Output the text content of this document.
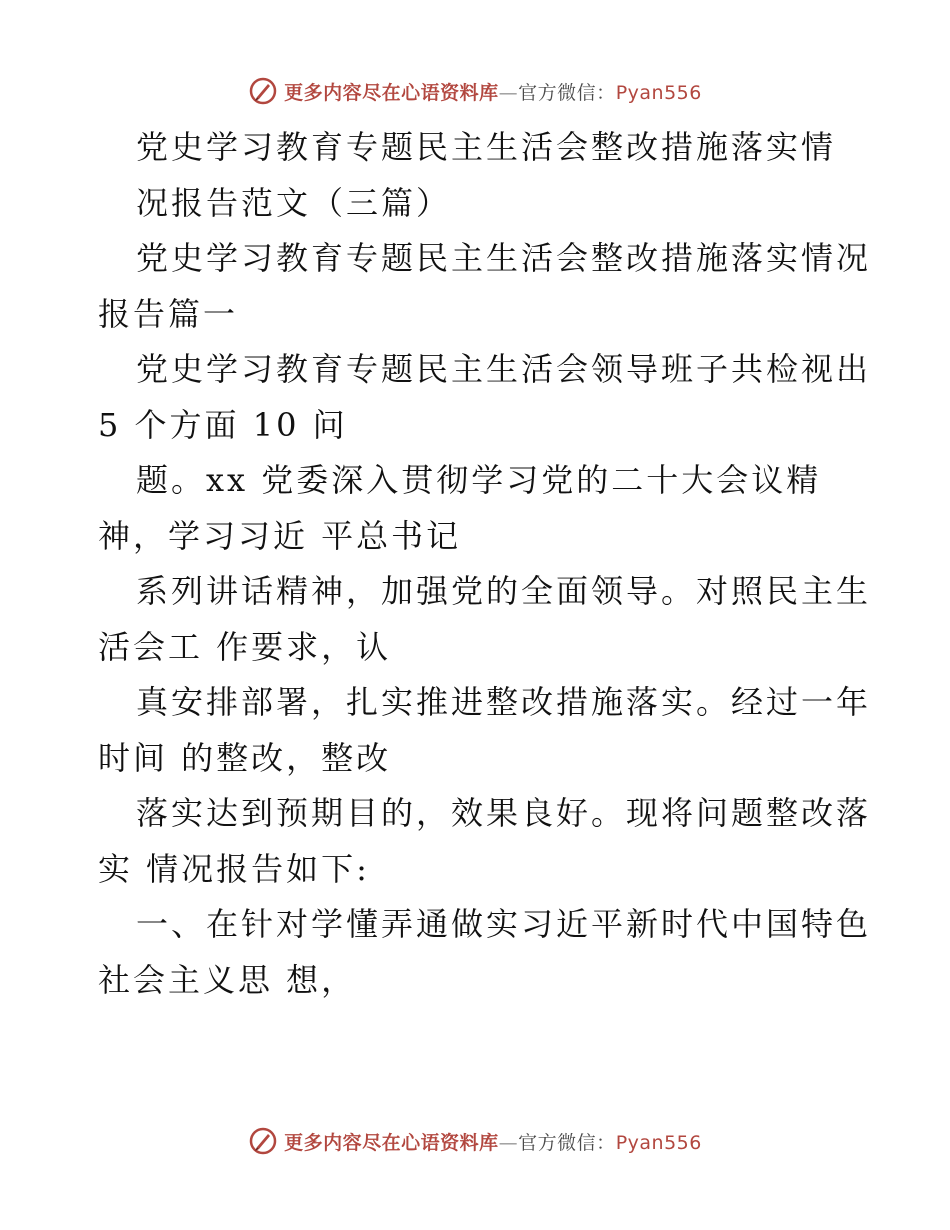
更多内容尽在心语资料库—官方微信：Pyan556
党史学习教育专题民主生活会整改措施落实情
况报告范文（三篇）
党史学习教育专题民主生活会整改措施落实情况
报告篇一
党史学习教育专题民主生活会领导班子共检视出
5 个方面 10 问
题。xx 党委深入贯彻学习党的二十大会议精
神，学习习近 平总书记
系列讲话精神，加强党的全面领导。对照民主生
活会工 作要求，认
真安排部署，扎实推进整改措施落实。经过一年
时间 的整改，整改
落实达到预期目的，效果良好。现将问题整改落
实 情况报告如下:
一、在针对学懂弄通做实习近平新时代中国特色
社会主义思 想，
更多内容尽在心语资料库—官方微信：Pyan556
